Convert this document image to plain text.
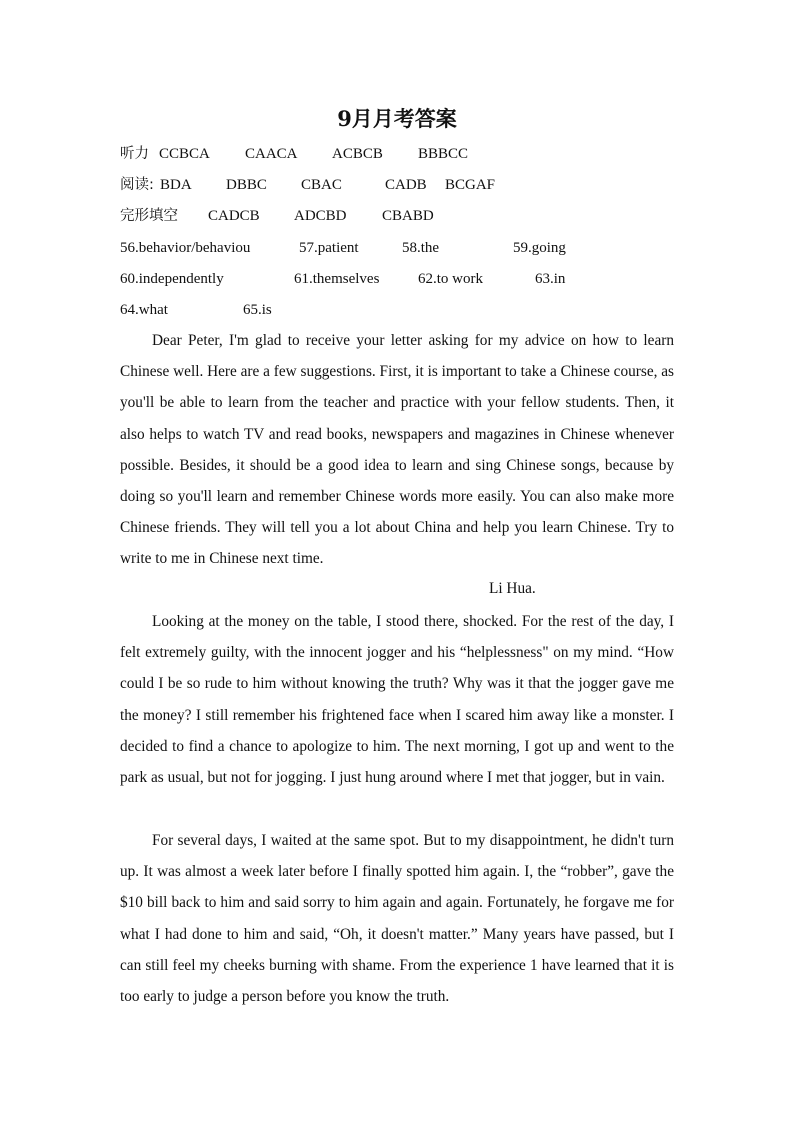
9月月考答案
听力 CCBCA CAACA ACBCB BBBCC
阅读: BDA DBBC CBAC	CADB BCGAF
完形填空 CADCB ADCBD CBABD
56.behavior/behaviou	57.patient	58.the	59.going
60.independently	61.themselves	62.to work	63.in
64.what	65.is

Dear Peter, I'm glad to receive your letter asking for my advice on how to learn Chinese well. Here are a few suggestions. First, it is important to take a Chinese course, as you'll be able to learn from the teacher and practice with your fellow students. Then, it also helps to watch TV and read books, newspapers and magazines in Chinese whenever possible. Besides, it should be a good idea to learn and sing Chinese songs, because by doing so you'll learn and remember Chinese words more easily. You can also make more Chinese friends. They will tell you a lot about China and help you learn Chinese. Try to write to me in Chinese next time.

Li Hua.

Looking at the money on the table, I stood there, shocked. For the rest of the day, I felt extremely guilty, with the innocent jogger and his “helplessness" on my mind. “How could I be so rude to him without knowing the truth? Why was it that the jogger gave me the money? I still remember his frightened face when I scared him away like a monster. I decided to find a chance to apologize to him. The next morning, I got up and went to the park as usual, but not for jogging. I just hung around where I met that jogger, but in vain.

For several days, I waited at the same spot. But to my disappointment, he didn't turn up. It was almost a week later before I finally spotted him again. I, the “robber”, gave the $10 bill back to him and said sorry to him again and again. Fortunately, he forgave me for what I had done to him and said, “Oh, it doesn't matter.” Many years have passed, but I can still feel my cheeks burning with shame. From the experience 1 have learned that it is too early to judge a person before you know the truth.
